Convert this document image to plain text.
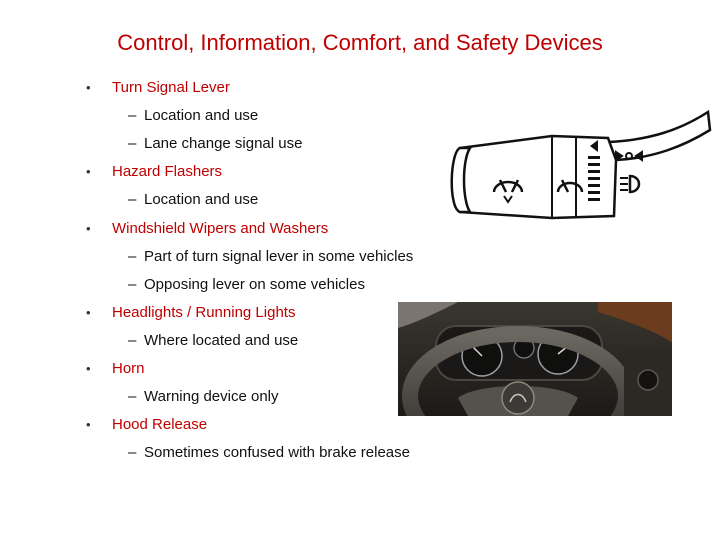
Control, Information, Comfort, and Safety Devices
• Turn Signal Lever
– Location and use
– Lane change signal use
• Hazard Flashers
– Location and use
• Windshield Wipers and Washers
– Part of turn signal lever in some vehicles
– Opposing lever on some vehicles
• Headlights / Running Lights
– Where located and use
• Horn
– Warning device only
• Hood Release
– Sometimes confused with brake release
